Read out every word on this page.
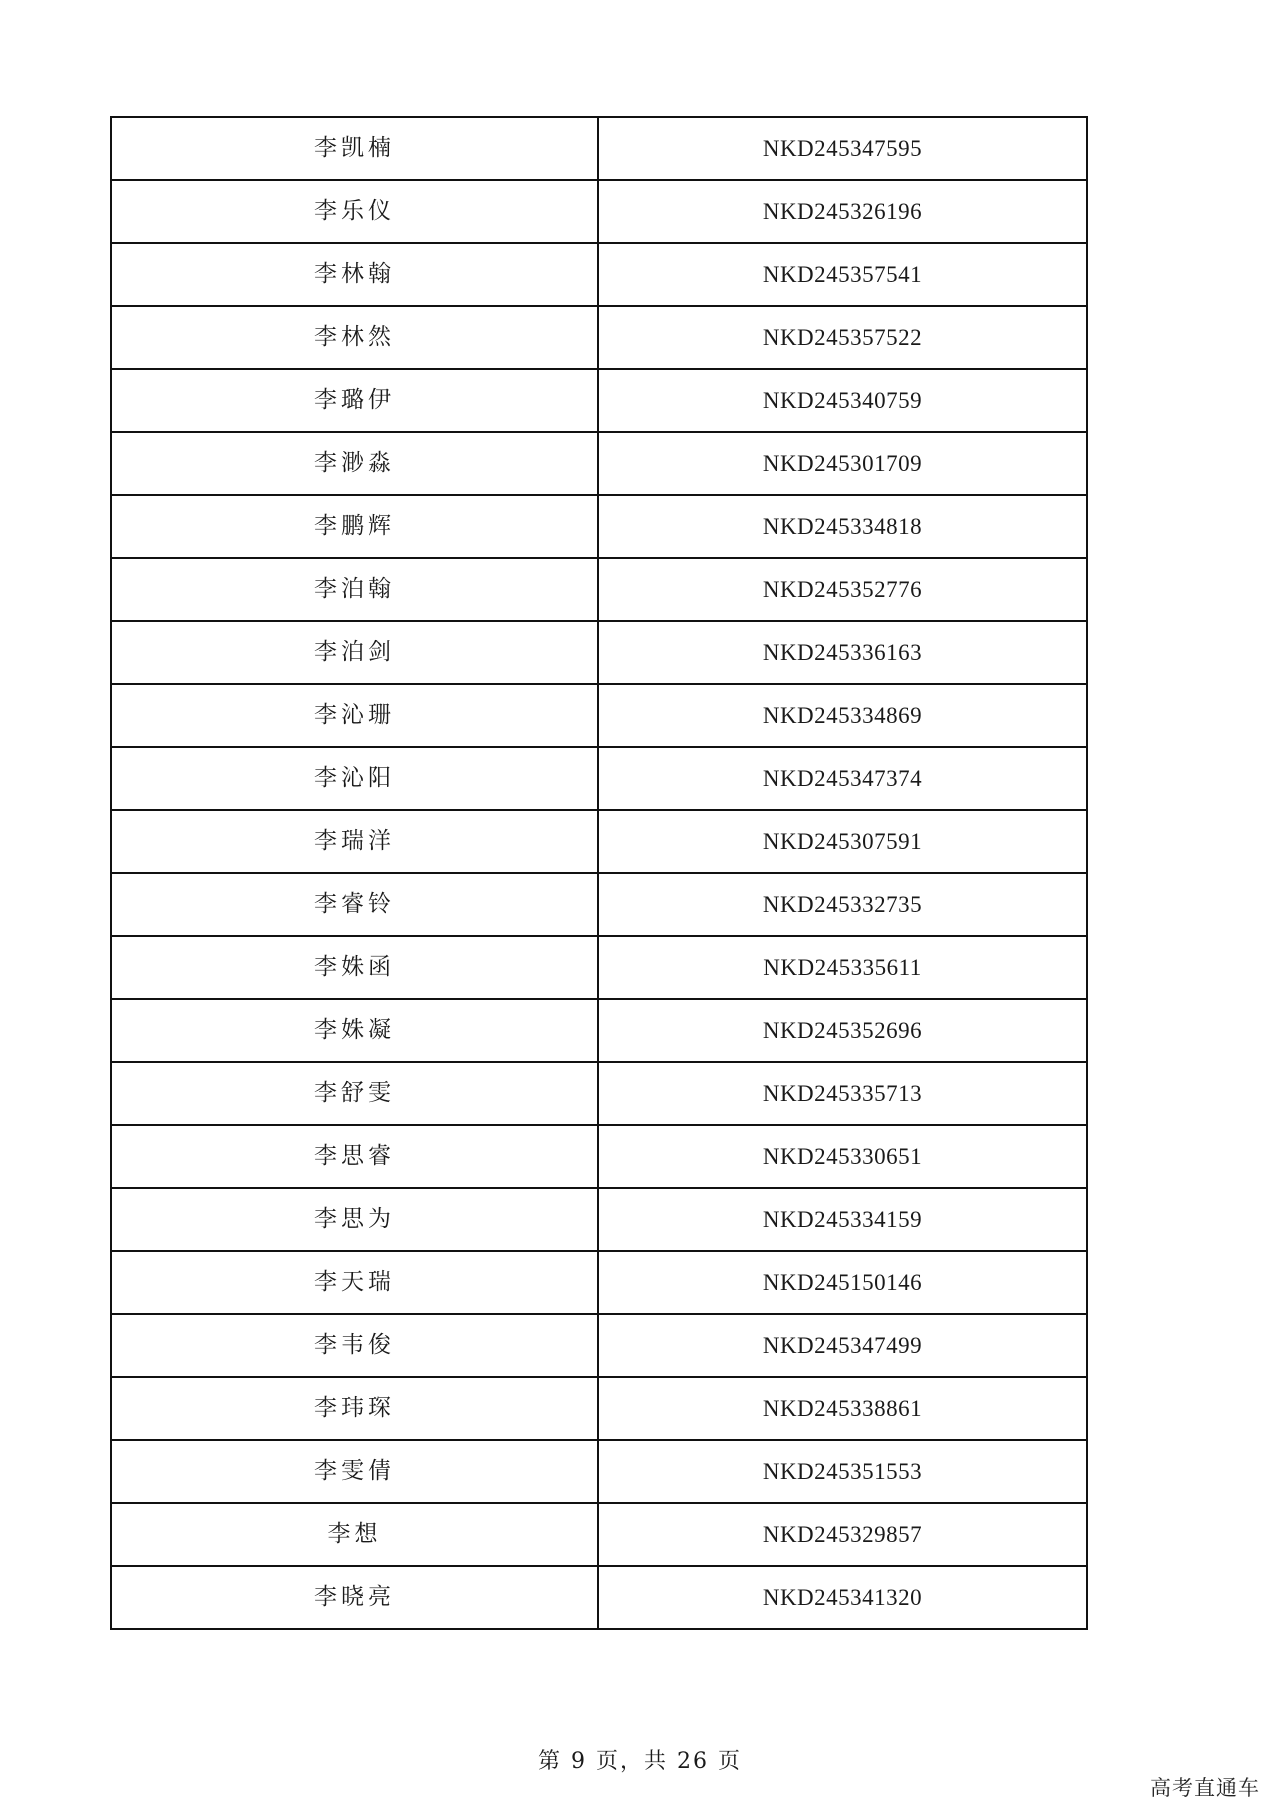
李凯楠	NKD245347595
李乐仪	NKD245326196
李林翰	NKD245357541
李林然	NKD245357522
李璐伊	NKD245340759
李渺淼	NKD245301709
李鹏辉	NKD245334818
李泊翰	NKD245352776
李泊剑	NKD245336163
李沁珊	NKD245334869
李沁阳	NKD245347374
李瑞洋	NKD245307591
李睿铃	NKD245332735
李姝函	NKD245335611
李姝凝	NKD245352696
李舒雯	NKD245335713
李思睿	NKD245330651
李思为	NKD245334159
李天瑞	NKD245150146
李韦俊	NKD245347499
李玮琛	NKD245338861
李雯倩	NKD245351553
李想	NKD245329857
李晓亮	NKD245341320
第 9 页，共 26 页
高考直通车
